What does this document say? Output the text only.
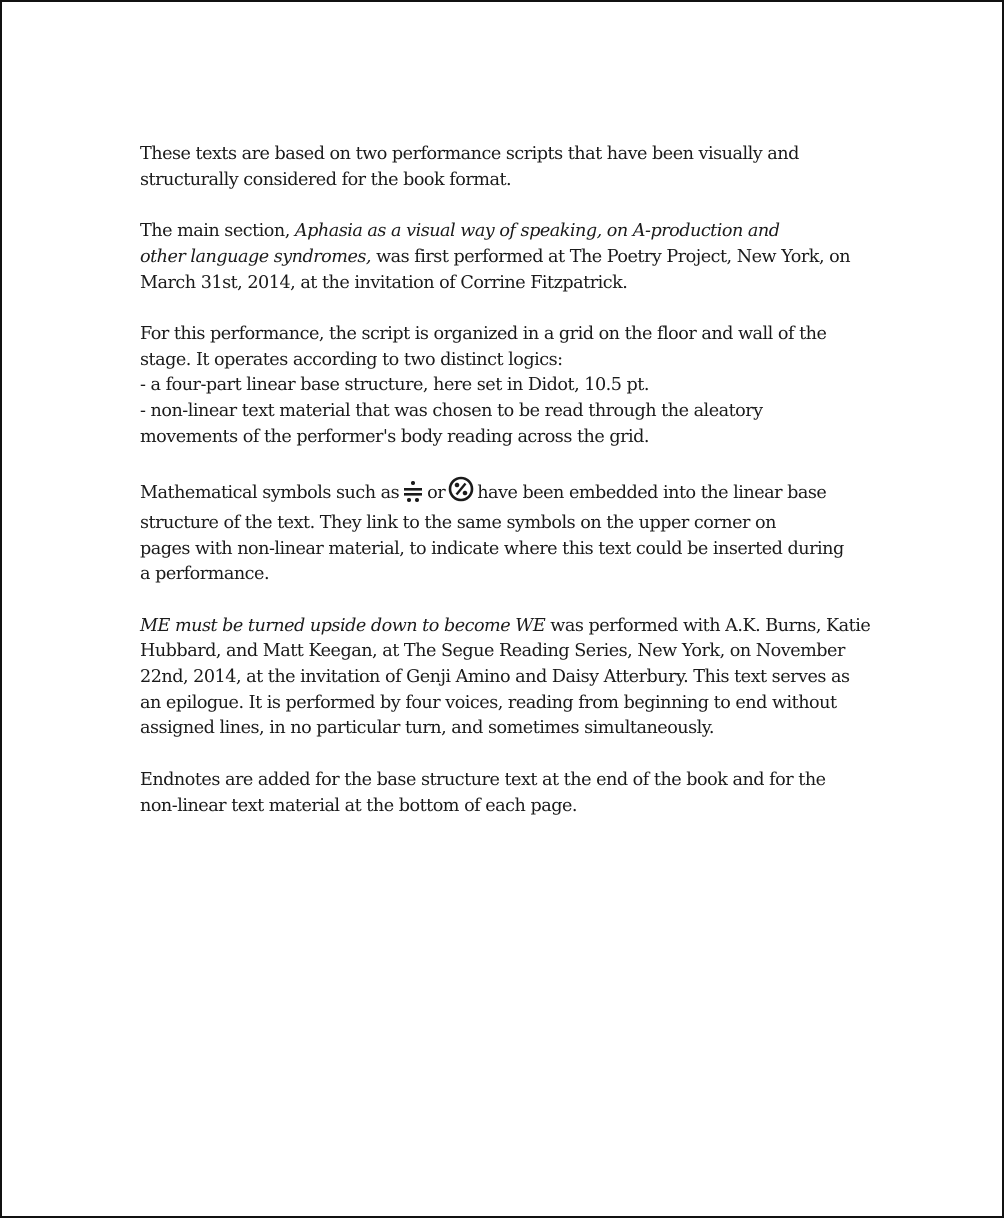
These texts are based on two performance scripts that have been visually and
structurally considered for the book format.

The main section, Aphasia as a visual way of speaking, on A-production and
other language syndromes, was first performed at The Poetry Project, New York, on
March 31st, 2014, at the invitation of Corrine Fitzpatrick.

For this performance, the script is organized in a grid on the floor and wall of the
stage. It operates according to two distinct logics:
- a four-part linear base structure, here set in Didot, 10.5 pt.
- non-linear text material that was chosen to be read through the aleatory
movements of the performer's body reading across the grid.

Mathematical symbols such as or have been embedded into the linear base
structure of the text. They link to the same symbols on the upper corner on
pages with non-linear material, to indicate where this text could be inserted during
a performance.

ME must be turned upside down to become WE was performed with A.K. Burns, Katie
Hubbard, and Matt Keegan, at The Segue Reading Series, New York, on November
22nd, 2014, at the invitation of Genji Amino and Daisy Atterbury. This text serves as
an epilogue. It is performed by four voices, reading from beginning to end without
assigned lines, in no particular turn, and sometimes simultaneously.

Endnotes are added for the base structure text at the end of the book and for the
non-linear text material at the bottom of each page.
